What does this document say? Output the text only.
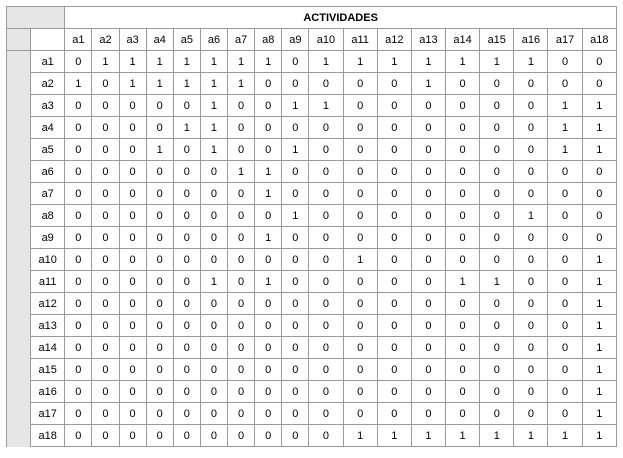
		ACTIVIDADES																	
		a1	a2	a3	a4	a5	a6	a7	a8	a9	a10	a11	a12	a13	a14	a15	a16	a17	a18
	a1	0	1	1	1	1	1	1	1	0	1	1	1	1	1	1	1	0	0
	a2	1	0	1	1	1	1	1	0	0	0	0	0	1	0	0	0	0	0
	a3	0	0	0	0	0	1	0	0	1	1	0	0	0	0	0	0	1	1
	a4	0	0	0	0	1	1	0	0	0	0	0	0	0	0	0	0	1	1
	a5	0	0	0	1	0	1	0	0	1	0	0	0	0	0	0	0	1	1
	a6	0	0	0	0	0	0	1	1	0	0	0	0	0	0	0	0	0	0
	a7	0	0	0	0	0	0	0	1	0	0	0	0	0	0	0	0	0	0
	a8	0	0	0	0	0	0	0	0	1	0	0	0	0	0	0	1	0	0
	a9	0	0	0	0	0	0	0	1	0	0	0	0	0	0	0	0	0	0
	a10	0	0	0	0	0	0	0	0	0	0	1	0	0	0	0	0	0	1
	a11	0	0	0	0	0	1	0	1	0	0	0	0	0	1	1	0	0	1
	a12	0	0	0	0	0	0	0	0	0	0	0	0	0	0	0	0	0	1
	a13	0	0	0	0	0	0	0	0	0	0	0	0	0	0	0	0	0	1
	a14	0	0	0	0	0	0	0	0	0	0	0	0	0	0	0	0	0	1
	a15	0	0	0	0	0	0	0	0	0	0	0	0	0	0	0	0	0	1
	a16	0	0	0	0	0	0	0	0	0	0	0	0	0	0	0	0	0	1
	a17	0	0	0	0	0	0	0	0	0	0	0	0	0	0	0	0	0	1
	a18	0	0	0	0	0	0	0	0	0	0	1	1	1	1	1	1	1	1
